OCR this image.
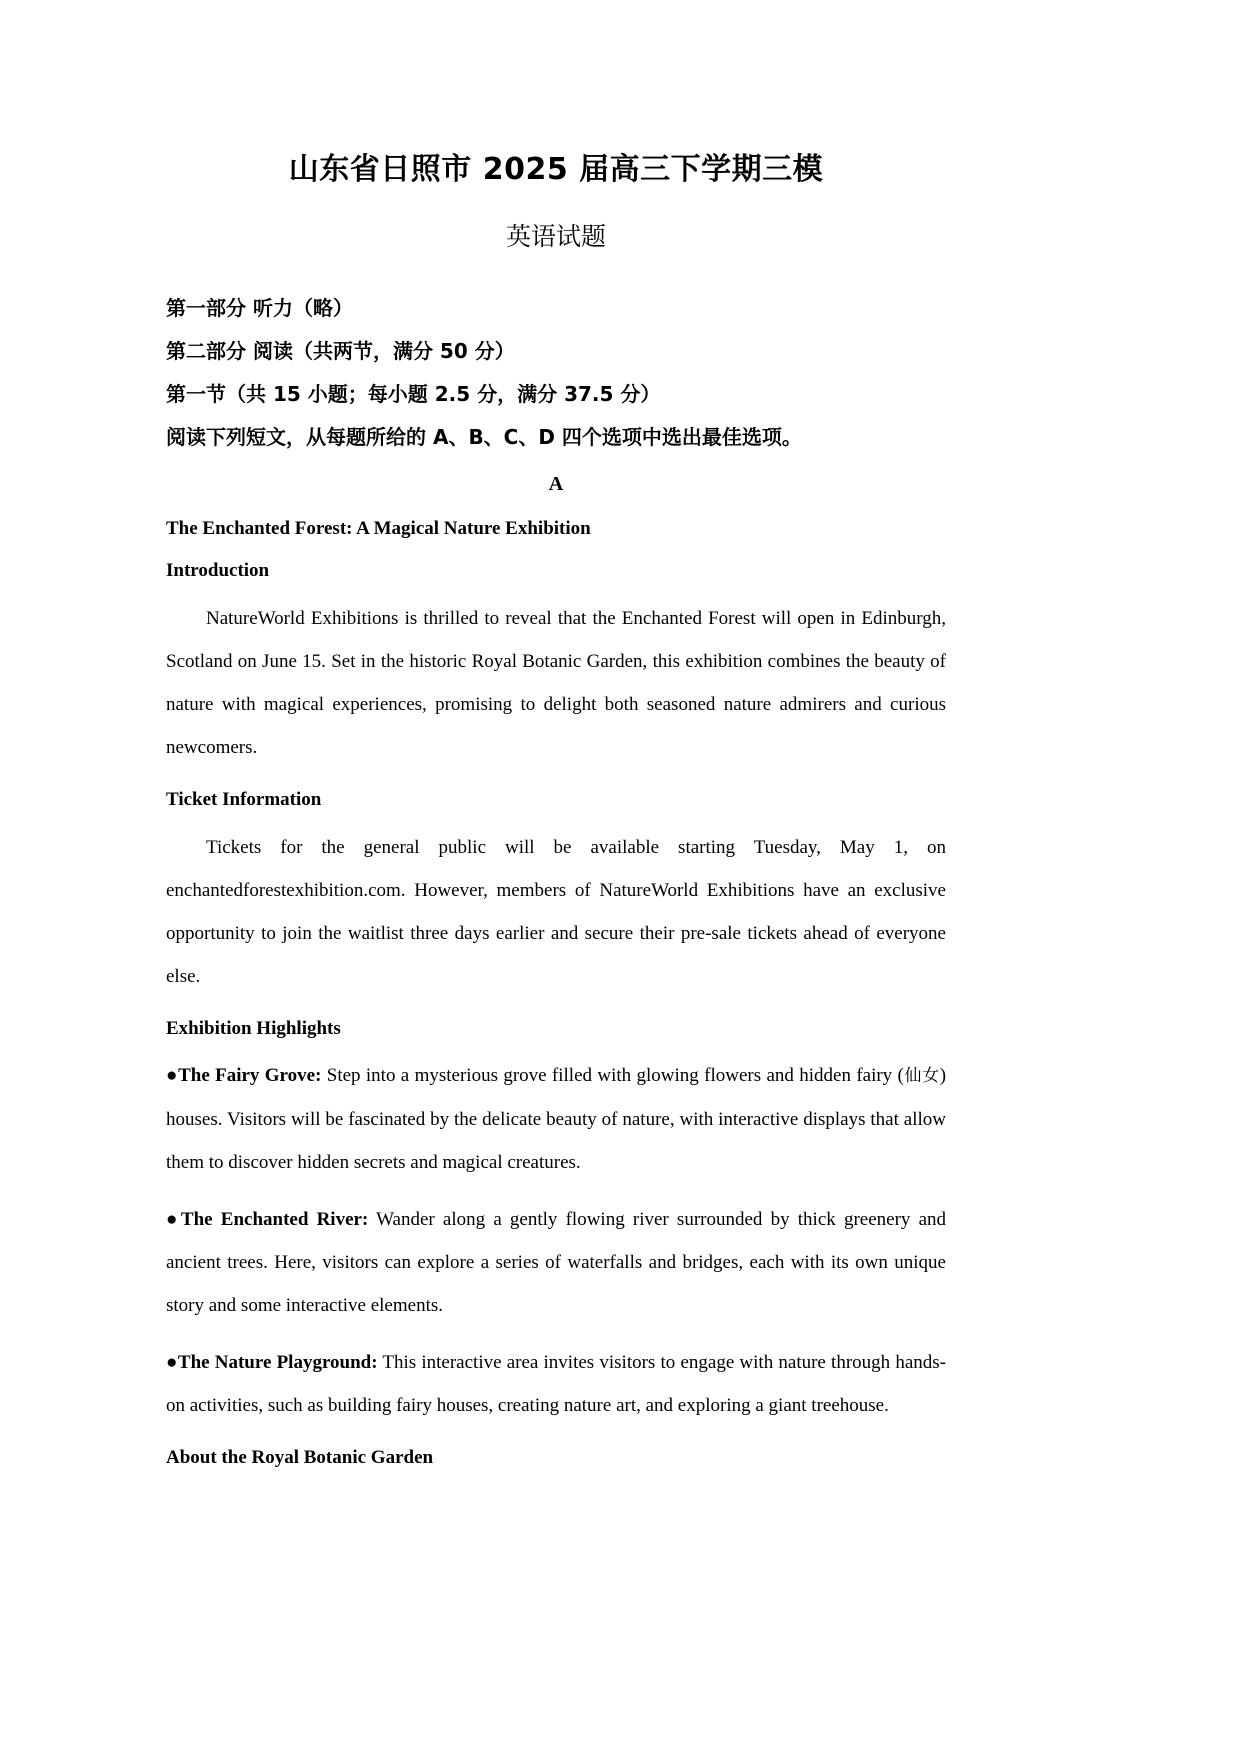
山东省日照市 2025 届高三下学期三模
英语试题

第一部分 听力（略）

第二部分 阅读（共两节，满分 50 分）

第一节（共 15 小题；每小题 2.5 分，满分 37.5 分）

阅读下列短文，从每题所给的 A、B、C、D 四个选项中选出最佳选项。

A

The Enchanted Forest: A Magical Nature Exhibition

Introduction

NatureWorld Exhibitions is thrilled to reveal that the Enchanted Forest will open in Edinburgh, Scotland on June 15. Set in the historic Royal Botanic Garden, this exhibition combines the beauty of nature with magical experiences, promising to delight both seasoned nature admirers and curious newcomers.

Ticket Information

Tickets for the general public will be available starting Tuesday, May 1, on enchantedforestexhibition.com. However, members of NatureWorld Exhibitions have an exclusive opportunity to join the waitlist three days earlier and secure their pre-sale tickets ahead of everyone else.

Exhibition Highlights

●The Fairy Grove: Step into a mysterious grove filled with glowing flowers and hidden fairy (仙女) houses. Visitors will be fascinated by the delicate beauty of nature, with interactive displays that allow them to discover hidden secrets and magical creatures.

●The Enchanted River: Wander along a gently flowing river surrounded by thick greenery and ancient trees. Here, visitors can explore a series of waterfalls and bridges, each with its own unique story and some interactive elements.

●The Nature Playground: This interactive area invites visitors to engage with nature through hands-on activities, such as building fairy houses, creating nature art, and exploring a giant treehouse.

About the Royal Botanic Garden
